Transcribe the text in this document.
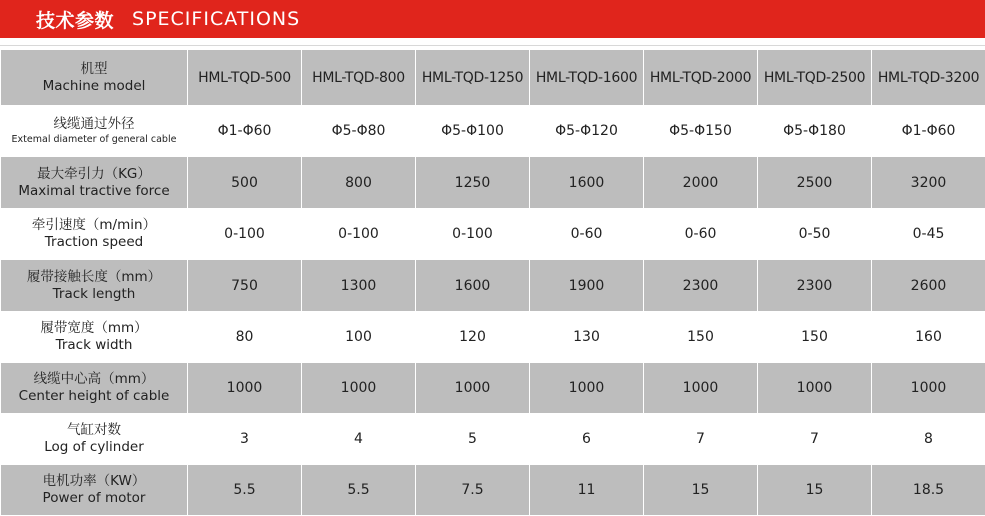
技术参数 SPECIFICATIONS
机型
Machine model	HML-TQD-500	HML-TQD-800	HML-TQD-1250	HML-TQD-1600	HML-TQD-2000	HML-TQD-2500	HML-TQD-3200

线缆通过外径
Extemal diameter of general cable	Φ1-Φ60	Φ5-Φ80	Φ5-Φ100	Φ5-Φ120	Φ5-Φ150	Φ5-Φ180	Φ1-Φ60

最大牵引力（KG）
Maximal tractive force	500	800	1250	1600	2000	2500	3200

牵引速度（m/min）
Traction speed	0-100	0-100	0-100	0-60	0-60	0-50	0-45

履带接触长度（mm）
Track length	750	1300	1600	1900	2300	2300	2600

履带宽度（mm）
Track width	80	100	120	130	150	150	160

线缆中心高（mm）
Center height of cable	1000	1000	1000	1000	1000	1000	1000

气缸对数
Log of cylinder	3	4	5	6	7	7	8

电机功率（KW）
Power of motor	5.5	5.5	7.5	11	15	15	18.5
